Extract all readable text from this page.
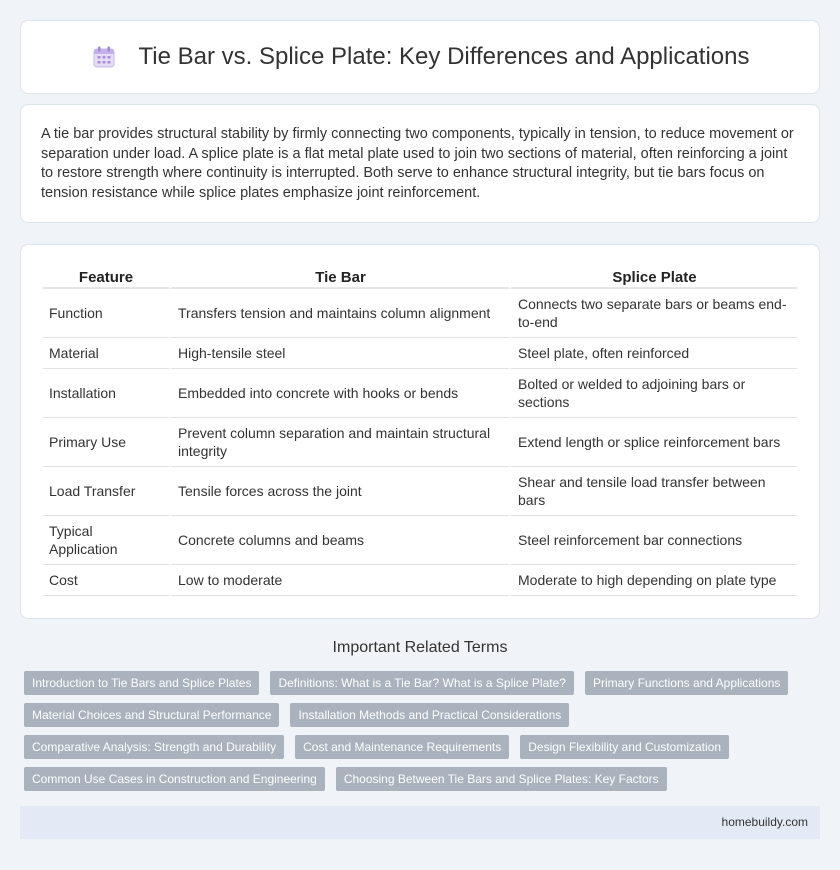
Tie Bar vs. Splice Plate: Key Differences and Applications

A tie bar provides structural stability by firmly connecting two components, typically in tension, to reduce movement or separation under load. A splice plate is a flat metal plate used to join two sections of material, often reinforcing a joint to restore strength where continuity is interrupted. Both serve to enhance structural integrity, but tie bars focus on tension resistance while splice plates emphasize joint reinforcement.

Feature	Tie Bar	Splice Plate
Function	Transfers tension and maintains column alignment	Connects two separate bars or beams end-to-end
Material	High-tensile steel	Steel plate, often reinforced
Installation	Embedded into concrete with hooks or bends	Bolted or welded to adjoining bars or sections
Primary Use	Prevent column separation and maintain structural integrity	Extend length or splice reinforcement bars
Load Transfer	Tensile forces across the joint	Shear and tensile load transfer between bars
Typical Application	Concrete columns and beams	Steel reinforcement bar connections
Cost	Low to moderate	Moderate to high depending on plate type
Important Related Terms
Introduction to Tie Bars and Splice Plates	Definitions: What is a Tie Bar? What is a Splice Plate?	Primary Functions and Applications
Material Choices and Structural Performance	Installation Methods and Practical Considerations
Comparative Analysis: Strength and Durability	Cost and Maintenance Requirements	Design Flexibility and Customization
Common Use Cases in Construction and Engineering	Choosing Between Tie Bars and Splice Plates: Key Factors
homebuildy.com
